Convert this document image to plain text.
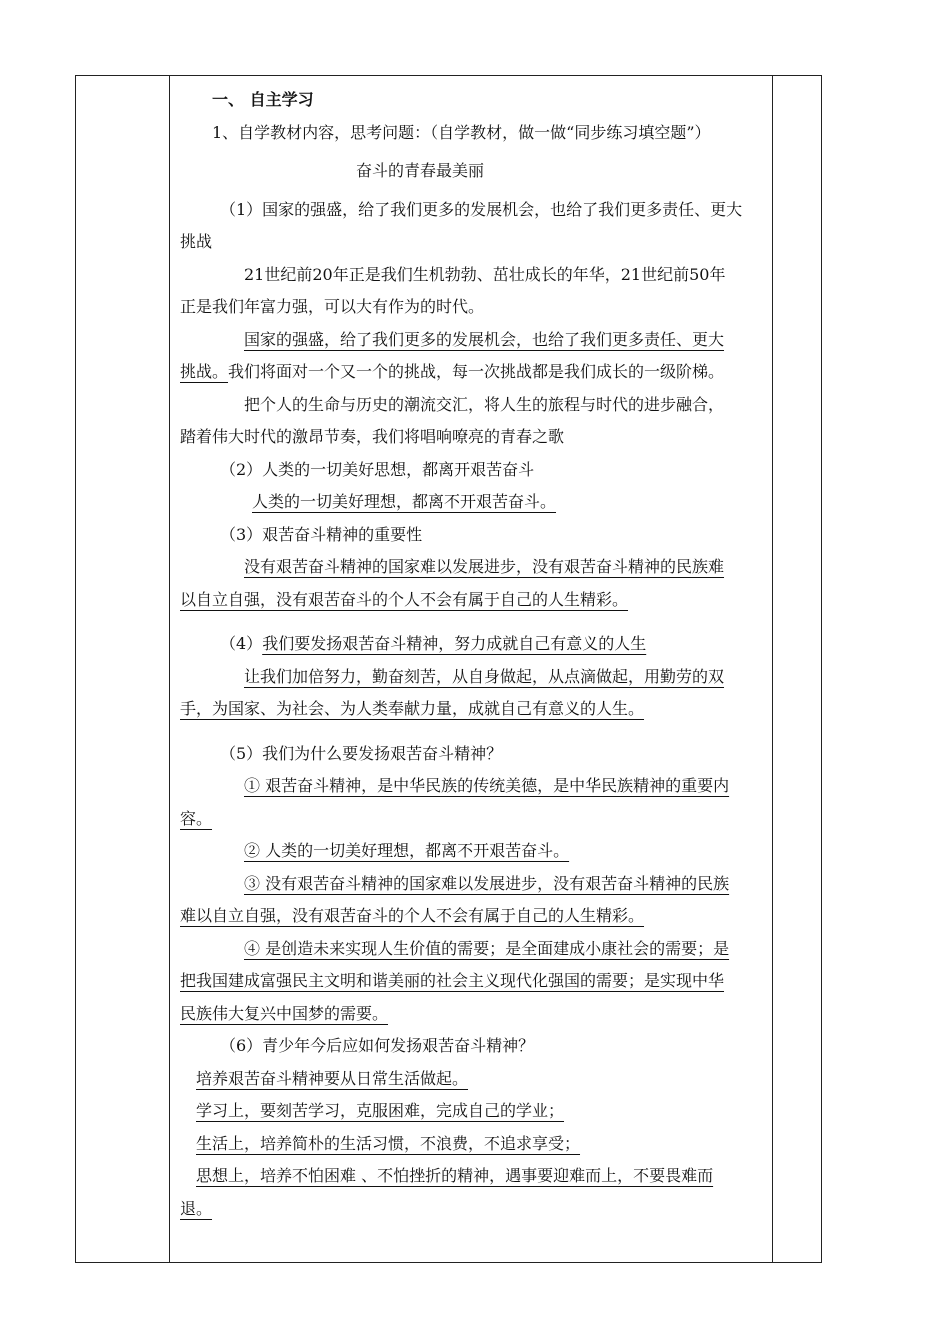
一、 自主学习
1、自学教材内容，思考问题：（自学教材，做一做“同步练习填空题”）
奋斗的青春最美丽
（1）国家的强盛，给了我们更多的发展机会，也给了我们更多责任、更大
挑战
21世纪前20年正是我们生机勃勃、茁壮成长的年华，21世纪前50年
正是我们年富力强，可以大有作为的时代。
国家的强盛，给了我们更多的发展机会，也给了我们更多责任、更大
挑战。我们将面对一个又一个的挑战，每一次挑战都是我们成长的一级阶梯。
把个人的生命与历史的潮流交汇，将人生的旅程与时代的进步融合，
踏着伟大时代的激昂节奏，我们将唱响嘹亮的青春之歌
（2）人类的一切美好思想，都离开艰苦奋斗
人类的一切美好理想，都离不开艰苦奋斗。
（3）艰苦奋斗精神的重要性
没有艰苦奋斗精神的国家难以发展进步，没有艰苦奋斗精神的民族难
以自立自强，没有艰苦奋斗的个人不会有属于自己的人生精彩。
（4）我们要发扬艰苦奋斗精神，努力成就自己有意义的人生
让我们加倍努力，勤奋刻苦，从自身做起，从点滴做起，用勤劳的双
手，为国家、为社会、为人类奉献力量，成就自己有意义的人生。
（5）我们为什么要发扬艰苦奋斗精神？
① 艰苦奋斗精神，是中华民族的传统美德，是中华民族精神的重要内
容。
② 人类的一切美好理想，都离不开艰苦奋斗。
③ 没有艰苦奋斗精神的国家难以发展进步，没有艰苦奋斗精神的民族
难以自立自强，没有艰苦奋斗的个人不会有属于自己的人生精彩。
④ 是创造未来实现人生价值的需要；是全面建成小康社会的需要；是
把我国建成富强民主文明和谐美丽的社会主义现代化强国的需要；是实现中华
民族伟大复兴中国梦的需要。
（6）青少年今后应如何发扬艰苦奋斗精神？
培养艰苦奋斗精神要从日常生活做起。
学习上，要刻苦学习，克服困难，完成自己的学业；
生活上，培养简朴的生活习惯，不浪费，不追求享受；
思想上，培养不怕困难 、不怕挫折的精神，遇事要迎难而上，不要畏难而
退。
